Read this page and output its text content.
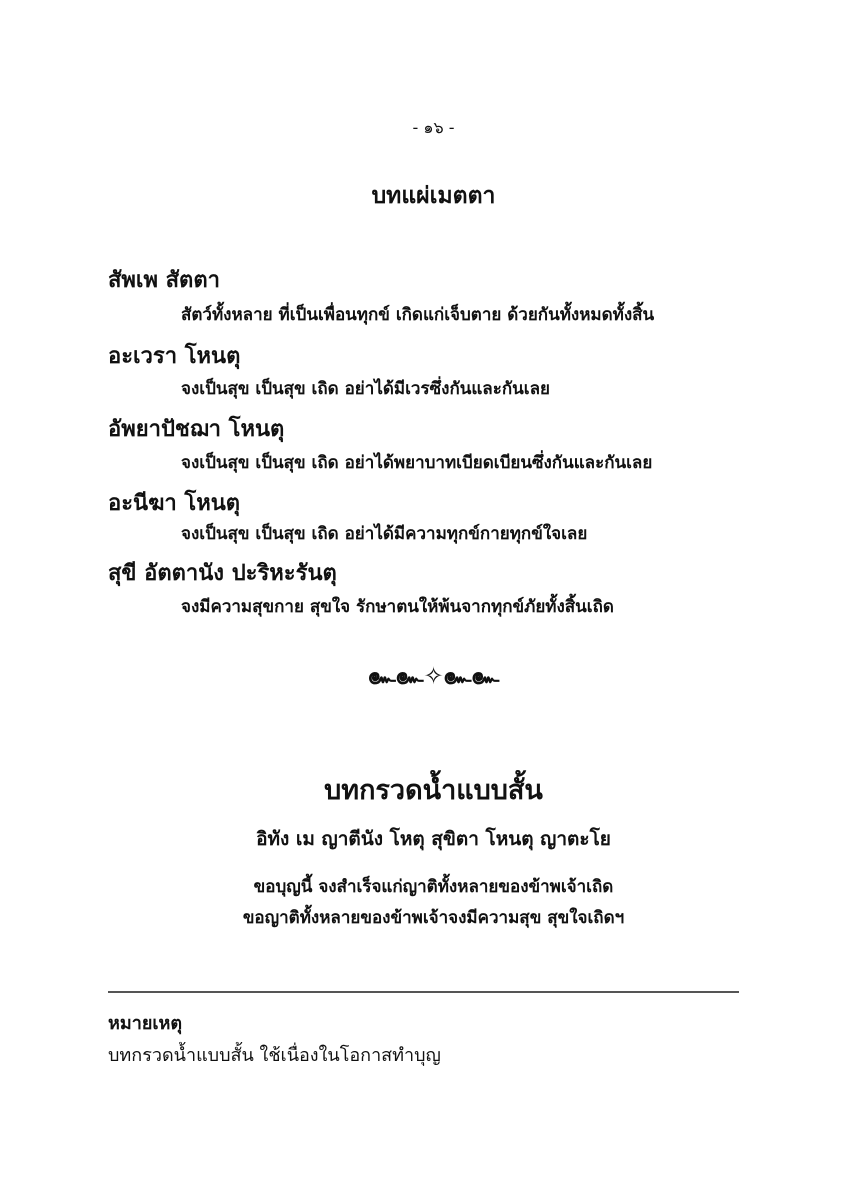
- ๑๖ -
บทแผ่เมตตา
สัพเพ สัตตา
สัตว์ทั้งหลาย ที่เป็นเพื่อนทุกข์ เกิดแก่เจ็บตาย ด้วยกันทั้งหมดทั้งสิ้น
อะเวรา โหนตุ
จงเป็นสุข เป็นสุข เถิด อย่าได้มีเวรซึ่งกันและกันเลย
อัพยาปัชฌา โหนตุ
จงเป็นสุข เป็นสุข เถิด อย่าได้พยาบาทเบียดเบียนซึ่งกันและกันเลย
อะนีฆา โหนตุ
จงเป็นสุข เป็นสุข เถิด อย่าได้มีความทุกข์กายทุกข์ใจเลย
สุขี อัตตานัง ปะริหะรันตุ
จงมีความสุขกาย สุขใจ รักษาตนให้พ้นจากทุกข์ภัยทั้งสิ้นเถิด
๛๛✧๛๛
บทกรวดน้ำแบบสั้น
อิทัง เม ญาตีนัง โหตุ สุขิตา โหนตุ ญาตะโย
ขอบุญนี้ จงสำเร็จแก่ญาติทั้งหลายของข้าพเจ้าเถิด
ขอญาติทั้งหลายของข้าพเจ้าจงมีความสุข สุขใจเถิดฯ
หมายเหตุ
บทกรวดน้ำแบบสั้น ใช้เนื่องในโอกาสทำบุญ
